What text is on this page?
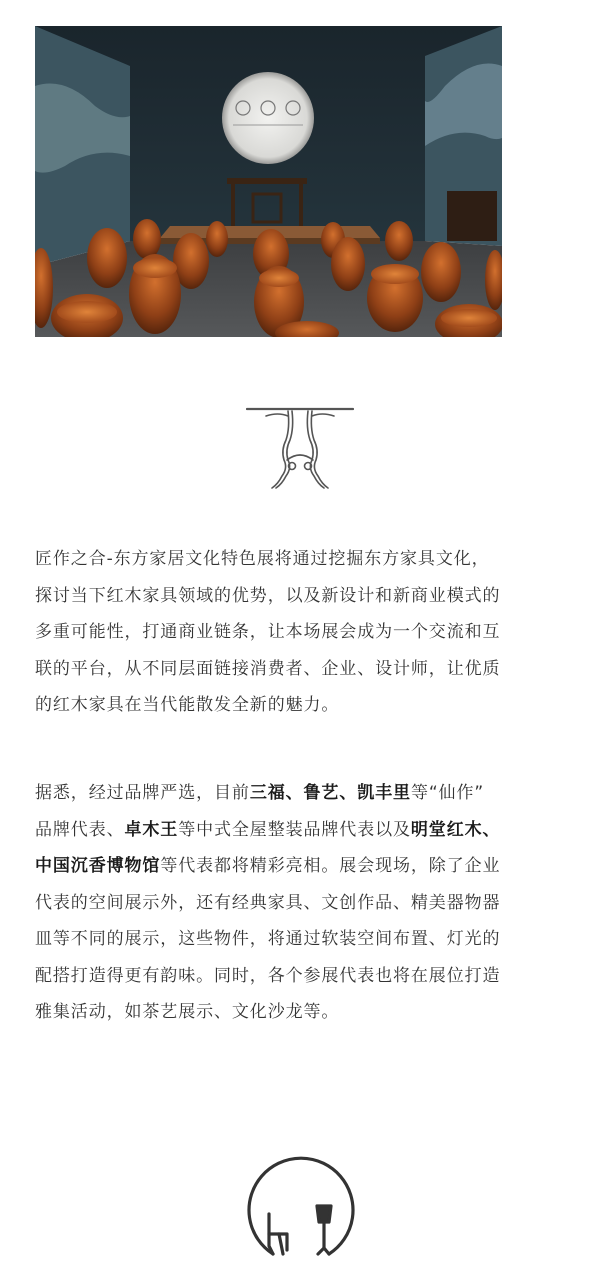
匠作之合-东方家居文化特色展将通过挖掘东方家具文化，
探讨当下红木家具领域的优势，以及新设计和新商业模式的
多重可能性，打通商业链条，让本场展会成为一个交流和互
联的平台，从不同层面链接消费者、企业、设计师，让优质
的红木家具在当代能散发全新的魅力。
据悉，经过品牌严选，目前三福、鲁艺、凯丰里等“仙作”
品牌代表、卓木王等中式全屋整装品牌代表以及明堂红木、
中国沉香博物馆等代表都将精彩亮相。展会现场，除了企业
代表的空间展示外，还有经典家具、文创作品、精美器物器
皿等不同的展示，这些物件，将通过软装空间布置、灯光的
配搭打造得更有韵味。同时，各个参展代表也将在展位打造
雅集活动，如茶艺展示、文化沙龙等。
